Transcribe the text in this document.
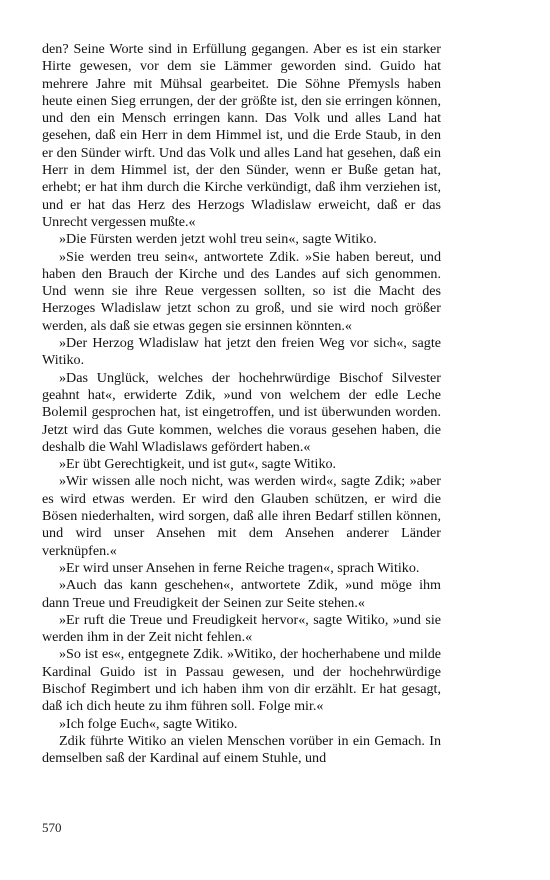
den? Seine Worte sind in Erfüllung gegangen. Aber es ist ein starker Hirte gewesen, vor dem sie Lämmer geworden sind. Guido hat mehrere Jahre mit Mühsal gearbeitet. Die Söhne Přemysls haben heute einen Sieg errungen, der der größte ist, den sie erringen können, und den ein Mensch erringen kann. Das Volk und alles Land hat gesehen, daß ein Herr in dem Himmel ist, und die Erde Staub, in den er den Sünder wirft. Und das Volk und alles Land hat gesehen, daß ein Herr in dem Himmel ist, der den Sünder, wenn er Buße getan hat, erhebt; er hat ihm durch die Kirche verkündigt, daß ihm verziehen ist, und er hat das Herz des Herzogs Wladislaw erweicht, daß er das Unrecht vergessen mußte.«

»Die Fürsten werden jetzt wohl treu sein«, sagte Witiko.

»Sie werden treu sein«, antwortete Zdik. »Sie haben bereut, und haben den Brauch der Kirche und des Landes auf sich genommen. Und wenn sie ihre Reue vergessen sollten, so ist die Macht des Herzoges Wladislaw jetzt schon zu groß, und sie wird noch größer werden, als daß sie etwas gegen sie ersinnen könnten.«

»Der Herzog Wladislaw hat jetzt den freien Weg vor sich«, sagte Witiko.

»Das Unglück, welches der hochehrwürdige Bischof Silvester geahnt hat«, erwiderte Zdik, »und von welchem der edle Leche Bolemil gesprochen hat, ist eingetroffen, und ist überwunden worden. Jetzt wird das Gute kommen, welches die voraus gesehen haben, die deshalb die Wahl Wladislaws gefördert haben.«

»Er übt Gerechtigkeit, und ist gut«, sagte Witiko.

»Wir wissen alle noch nicht, was werden wird«, sagte Zdik; »aber es wird etwas werden. Er wird den Glauben schützen, er wird die Bösen niederhalten, wird sorgen, daß alle ihren Bedarf stillen können, und wird unser Ansehen mit dem Ansehen anderer Länder verknüpfen.«

»Er wird unser Ansehen in ferne Reiche tragen«, sprach Witiko.

»Auch das kann geschehen«, antwortete Zdik, »und möge ihm dann Treue und Freudigkeit der Seinen zur Seite stehen.«

»Er ruft die Treue und Freudigkeit hervor«, sagte Witiko, »und sie werden ihm in der Zeit nicht fehlen.«

»So ist es«, entgegnete Zdik. »Witiko, der hocherhabene und milde Kardinal Guido ist in Passau gewesen, und der hochehrwürdige Bischof Regimbert und ich haben ihm von dir erzählt. Er hat gesagt, daß ich dich heute zu ihm führen soll. Folge mir.«

»Ich folge Euch«, sagte Witiko.

Zdik führte Witiko an vielen Menschen vorüber in ein Gemach. In demselben saß der Kardinal auf einem Stuhle, und

570
